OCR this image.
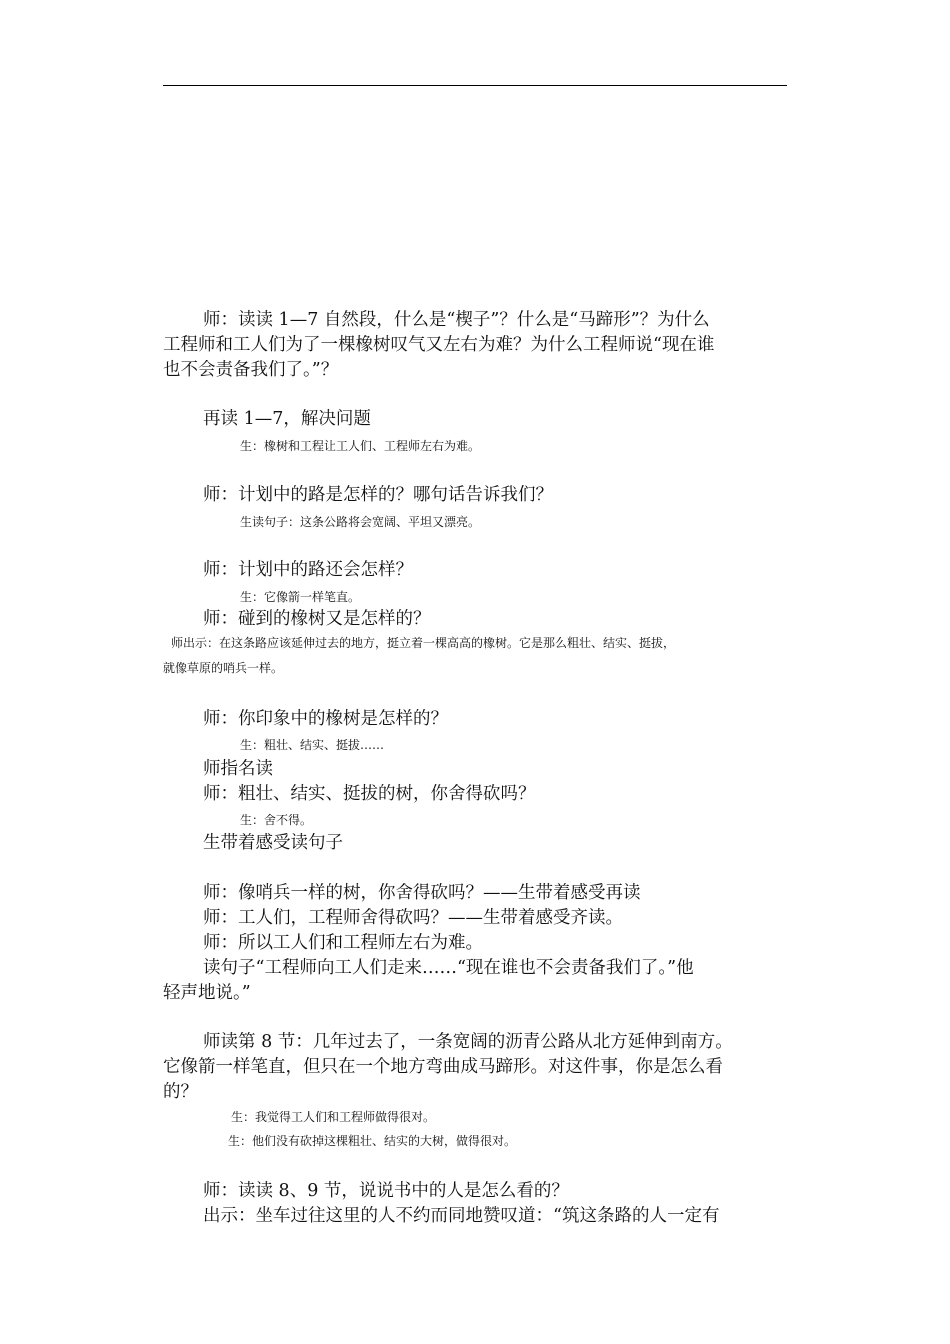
师：读读 1—7 自然段，什么是“楔子”？什么是“马蹄形”？为什么
工程师和工人们为了一棵橡树叹气又左右为难？为什么工程师说“现在谁
也不会责备我们了。”？
再读 1—7，解决问题
生：橡树和工程让工人们、工程师左右为难。
师：计划中的路是怎样的？哪句话告诉我们？
生读句子：这条公路将会宽阔、平坦又漂亮。
师：计划中的路还会怎样？
生：它像箭一样笔直。
师：碰到的橡树又是怎样的？
师出示：在这条路应该延伸过去的地方，挺立着一棵高高的橡树。它是那么粗壮、结实、挺拔，
就像草原的哨兵一样。
师：你印象中的橡树是怎样的？
生：粗壮、结实、挺拔……
师指名读
师：粗壮、结实、挺拔的树，你舍得砍吗？
生：舍不得。
生带着感受读句子
师：像哨兵一样的树，你舍得砍吗？——生带着感受再读
师：工人们，工程师舍得砍吗？——生带着感受齐读。
师：所以工人们和工程师左右为难。
读句子“工程师向工人们走来……“现在谁也不会责备我们了。”他
轻声地说。”
师读第 8 节：几年过去了，一条宽阔的沥青公路从北方延伸到南方。
它像箭一样笔直，但只在一个地方弯曲成马蹄形。对这件事，你是怎么看
的？
生：我觉得工人们和工程师做得很对。
生：他们没有砍掉这棵粗壮、结实的大树，做得很对。
师：读读 8、9 节，说说书中的人是怎么看的？
出示：坐车过往这里的人不约而同地赞叹道：“筑这条路的人一定有
